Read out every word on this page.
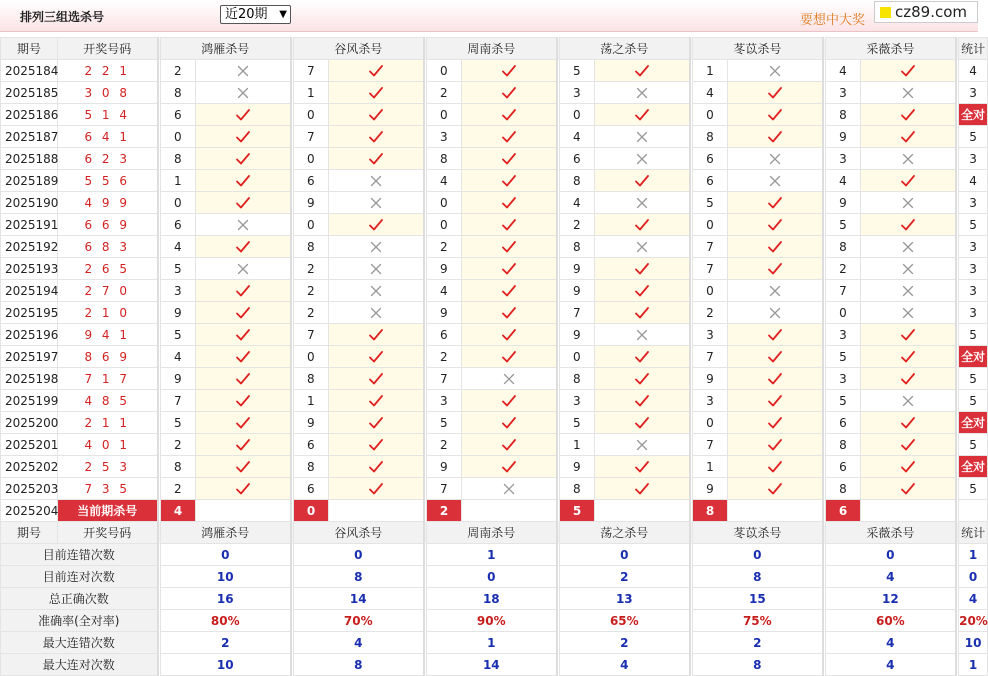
排列三组选杀号	近20期 ▼	要想中大奖	cz89.com
期号	开奖号码		鸿雁杀号			谷风杀号			周南杀号			荡之杀号			苳苡杀号			采薇杀号			统计
2025184	2 2 1		2			7			0			5			1			4			4
2025185	3 0 8		8			1			2			3			4			3			3
2025186	5 1 4		6			0			0			0			0			8			全对
2025187	6 4 1		0			7			3			4			8			9			5
2025188	6 2 3		8			0			8			6			6			3			3
2025189	5 5 6		1			6			4			8			6			4			4
2025190	4 9 9		0			9			0			4			5			9			3
2025191	6 6 9		6			0			0			2			0			5			5
2025192	6 8 3		4			8			2			8			7			8			3
2025193	2 6 5		5			2			9			9			7			2			3
2025194	2 7 0		3			2			4			9			0			7			3
2025195	2 1 0		9			2			9			7			2			0			3
2025196	9 4 1		5			7			6			9			3			3			5
2025197	8 6 9		4			0			2			0			7			5			全对
2025198	7 1 7		9			8			7			8			9			3			5
2025199	4 8 5		7			1			3			3			3			5			5
2025200	2 1 1		5			9			5			5			0			6			全对
2025201	4 0 1		2			6			2			1			7			8			5
2025202	2 5 3		8			8			9			9			1			6			全对
2025203	7 3 5		2			6			7			8			9			8			5
2025204	当前期杀号		4			0			2			5			8			6			
期号	开奖号码		鸿雁杀号			谷风杀号			周南杀号			荡之杀号			苳苡杀号			采薇杀号			统计
目前连错次数			0			0			1			0			0			0			1
目前连对次数			10			8			0			2			8			4			0
总正确次数			16			14			18			13			15			12			4
准确率(全对率)			80%			70%			90%			65%			75%			60%			20%
最大连错次数			2			4			1			2			2			4			10
最大连对次数			10			8			14			4			8			4			1
